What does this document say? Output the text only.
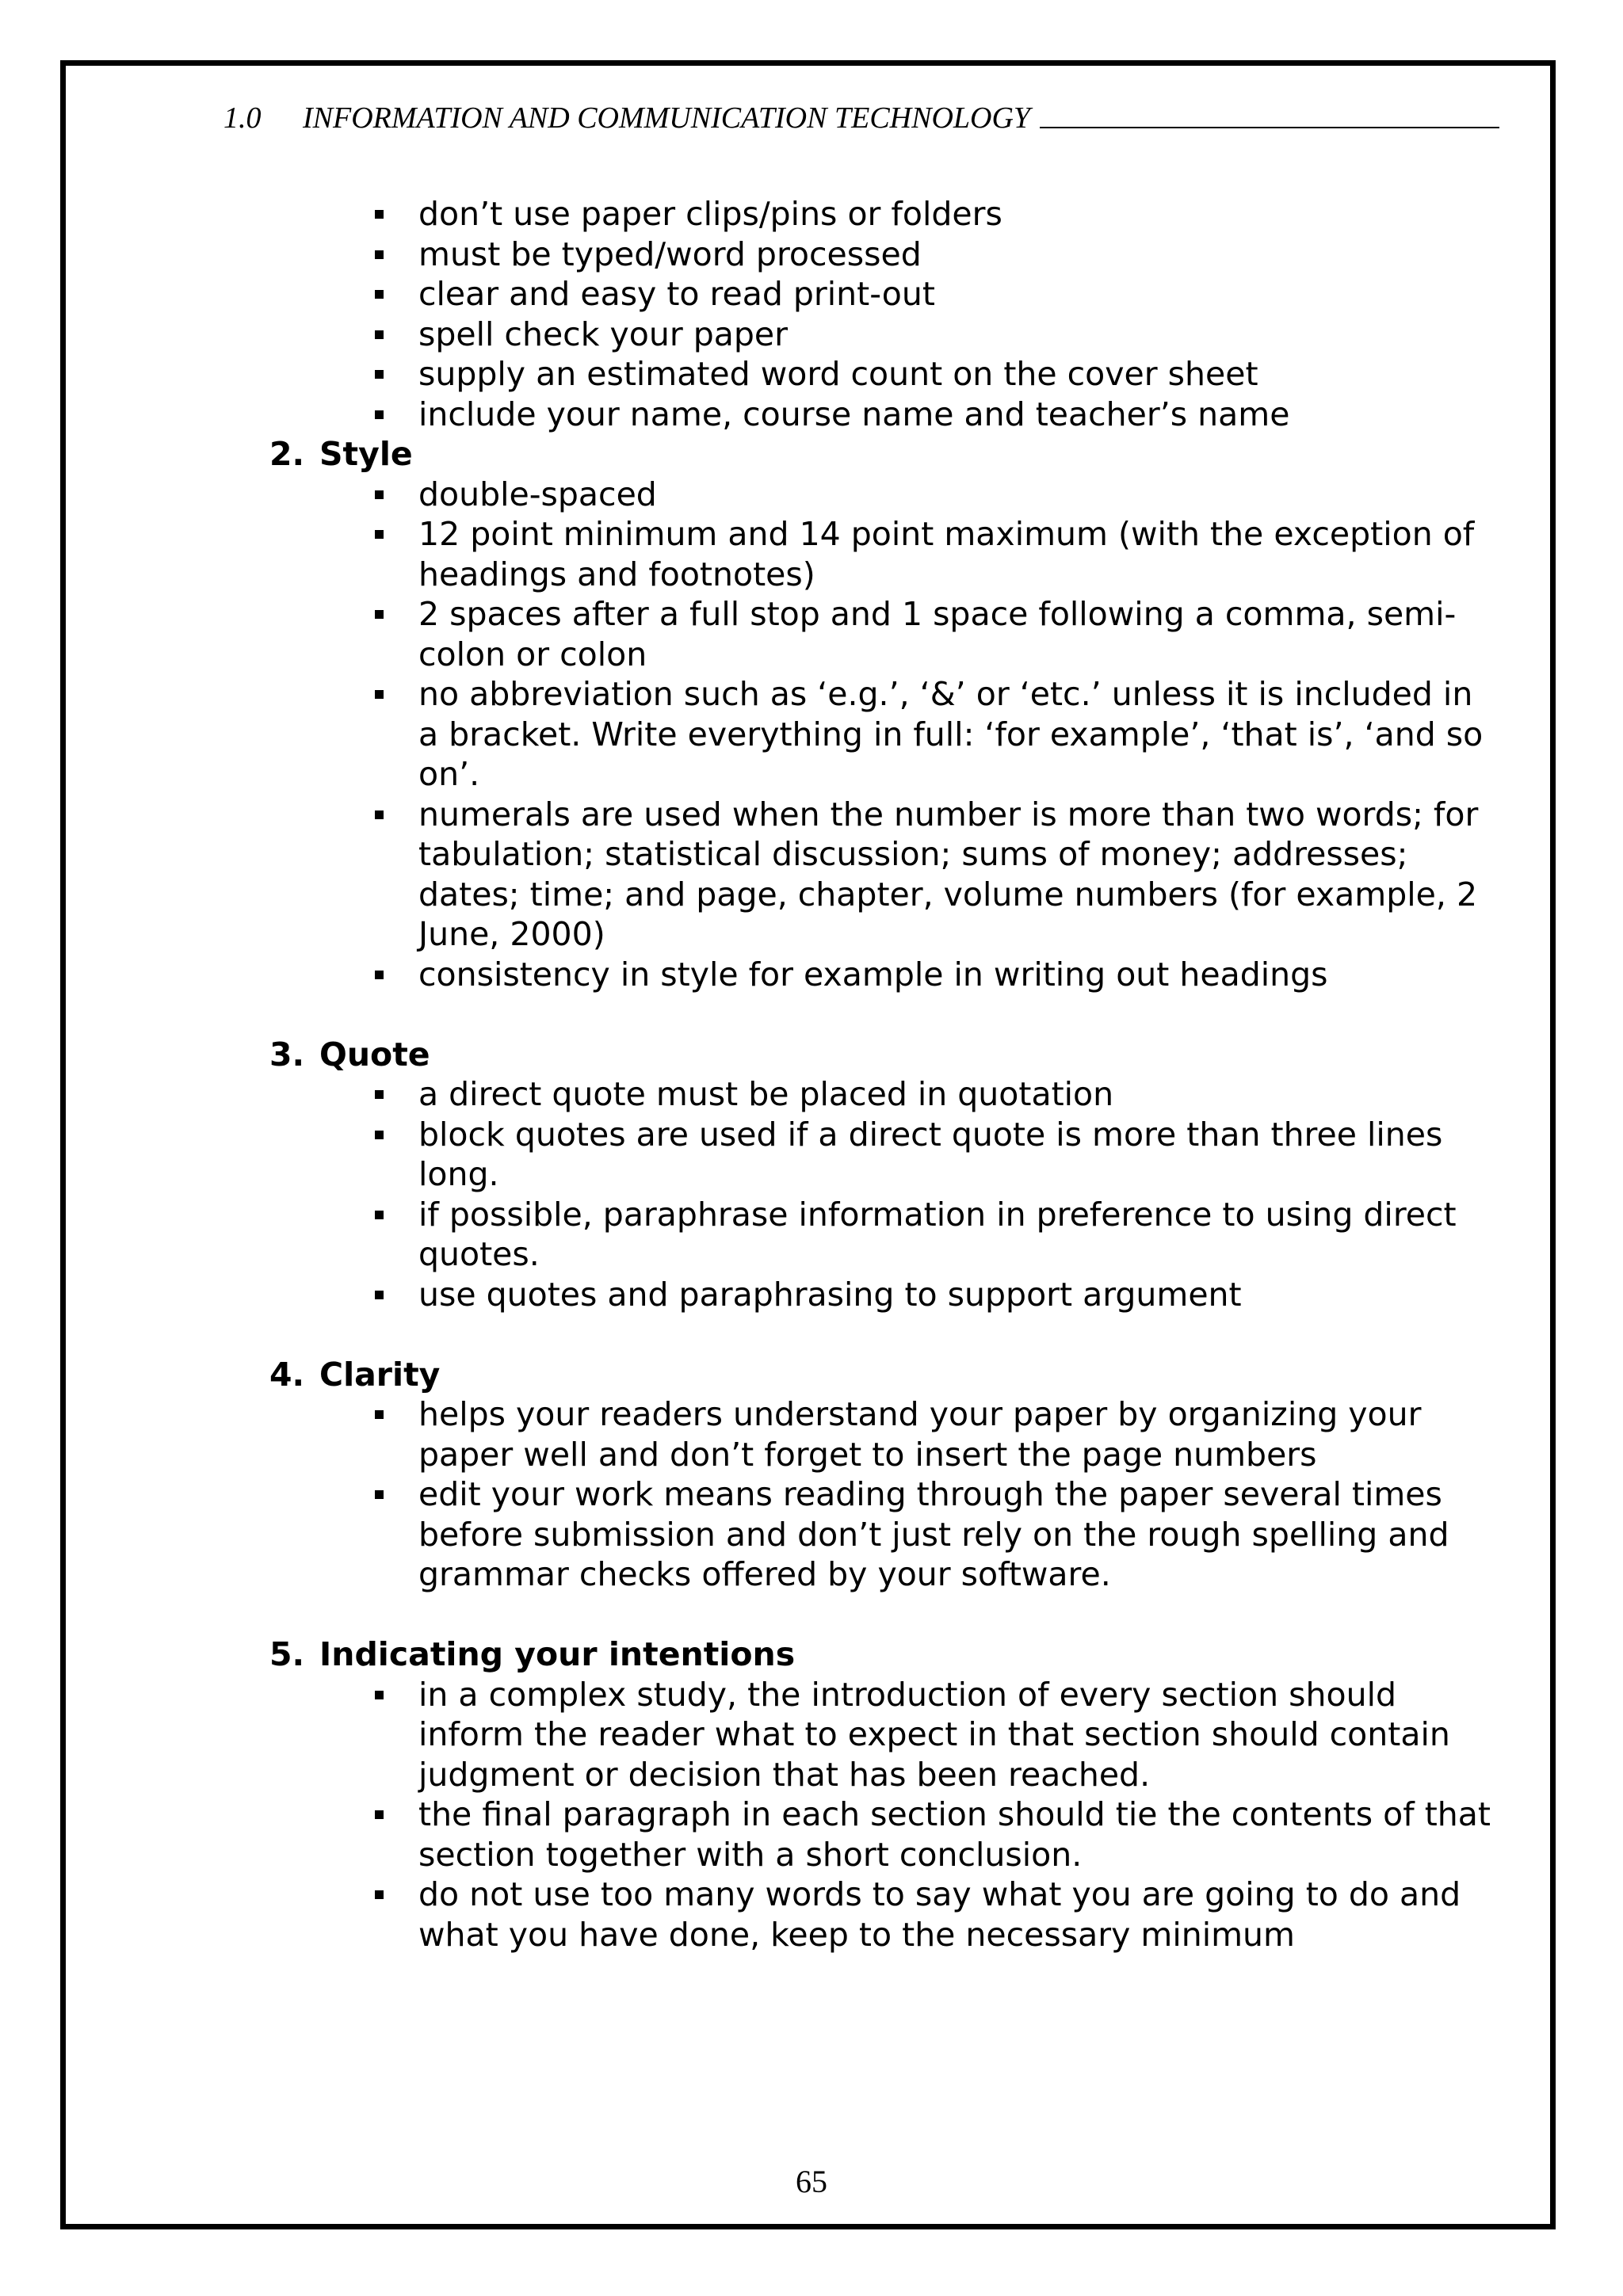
1.0	INFORMATION AND COMMUNICATION TECHNOLOGY
don’t use paper clips/pins or folders
must be typed/word processed
clear and easy to read print-out
spell check your paper
supply an estimated word count on the cover sheet
include your name, course name and teacher’s name
2. Style
double-spaced
12 point minimum and 14 point maximum (with the exception of headings and footnotes)
2 spaces after a full stop and 1 space following a comma, semi-colon or colon
no abbreviation such as ‘e.g.’, ‘&’ or ‘etc.’ unless it is included in a bracket. Write everything in full: ‘for example’, ‘that is’, ‘and so on’.
numerals are used when the number is more than two words; for tabulation; statistical discussion; sums of money; addresses; dates; time; and page, chapter, volume numbers (for example, 2 June, 2000)
consistency in style for example in writing out headings
3. Quote
a direct quote must be placed in quotation
block quotes are used if a direct quote is more than three lines long.
if possible, paraphrase information in preference to using direct quotes.
use quotes and paraphrasing to support argument
4. Clarity
helps your readers understand your paper by organizing your paper well and don’t forget to insert the page numbers
edit your work means reading through the paper several times before submission and don’t just rely on the rough spelling and grammar checks offered by your software.
5. Indicating your intentions
in a complex study, the introduction of every section should inform the reader what to expect in that section should contain judgment or decision that has been reached.
the final paragraph in each section should tie the contents of that section together with a short conclusion.
do not use too many words to say what you are going to do and what you have done, keep to the necessary minimum
65
